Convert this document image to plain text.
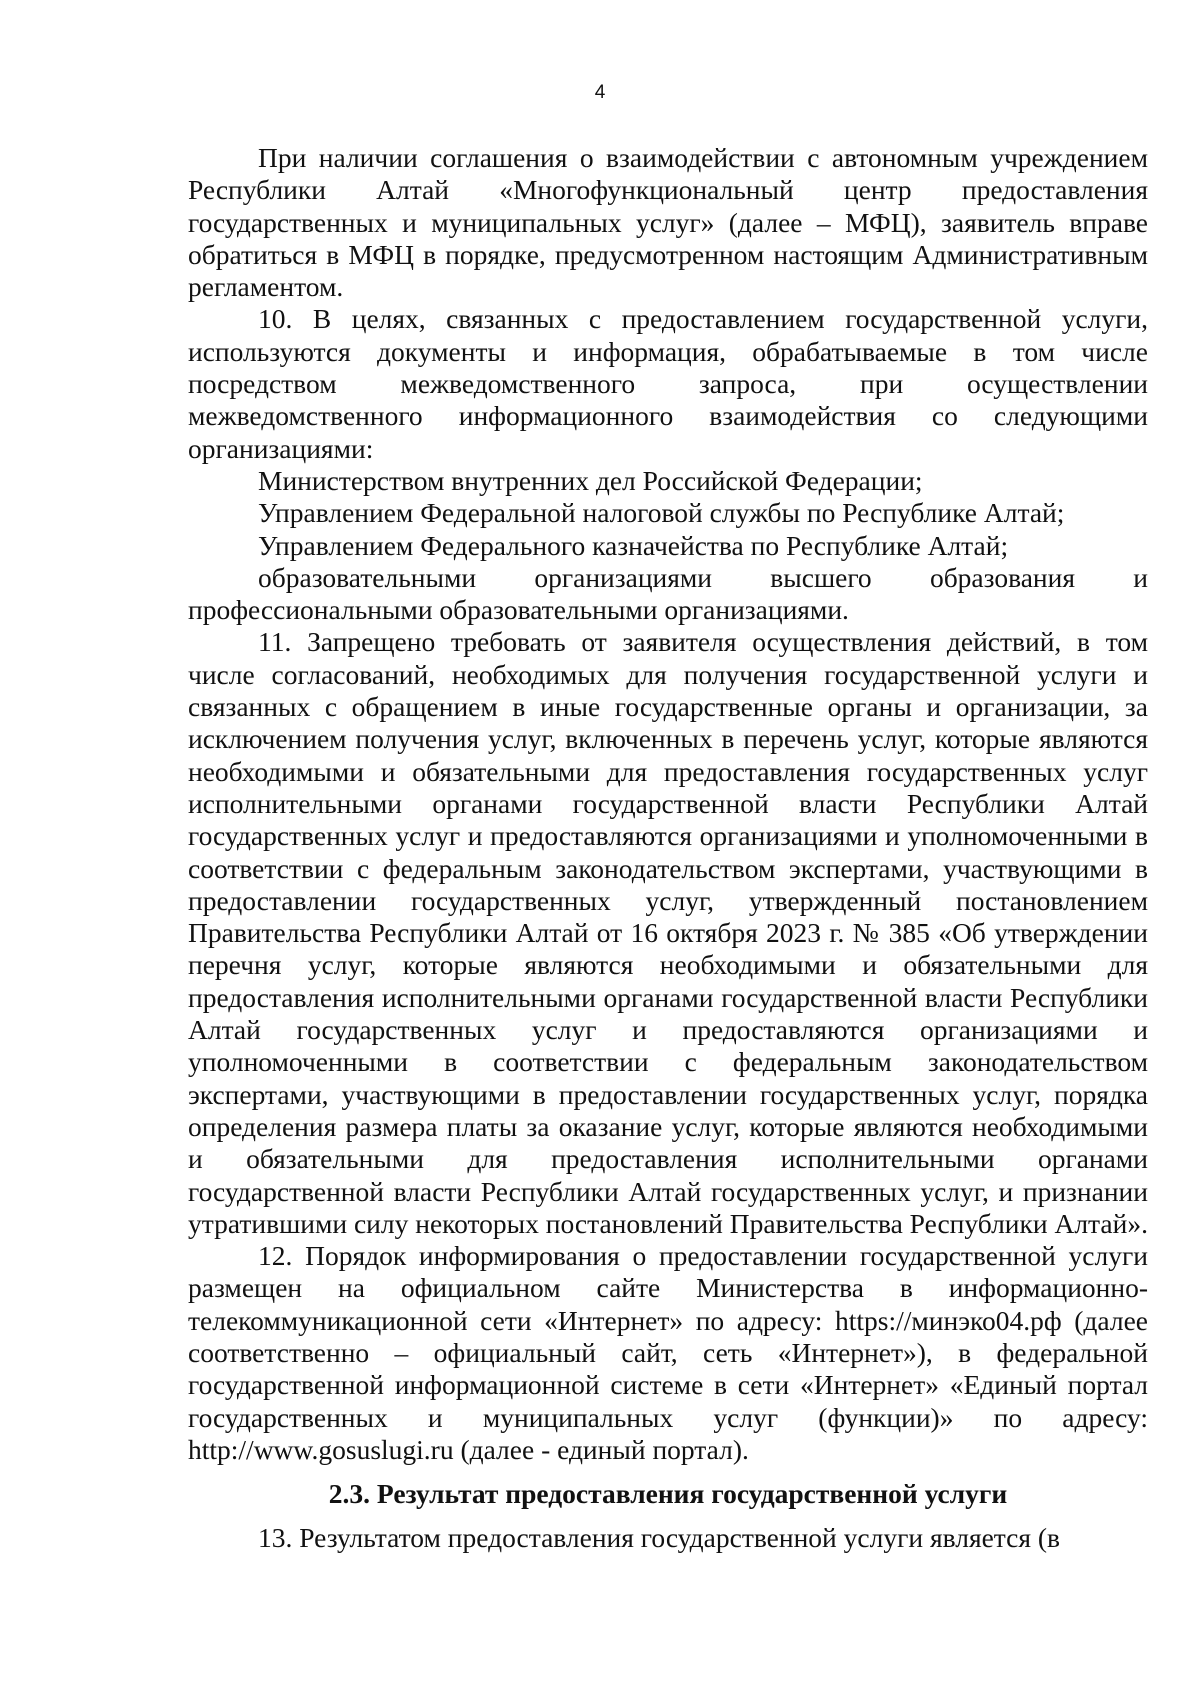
4

При наличии соглашения о взаимодействии с автономным учреждением Республики Алтай «Многофункциональный центр предоставления государственных и муниципальных услуг» (далее – МФЦ), заявитель вправе обратиться в МФЦ в порядке, предусмотренном настоящим Административным регламентом.

10. В целях, связанных с предоставлением государственной услуги, используются документы и информация, обрабатываемые в том числе посредством межведомственного запроса, при осуществлении межведомственного информационного взаимодействия со следующими организациями:

Министерством внутренних дел Российской Федерации;

Управлением Федеральной налоговой службы по Республике Алтай;

Управлением Федерального казначейства по Республике Алтай;

образовательными организациями высшего образования и профессиональными образовательными организациями.

11. Запрещено требовать от заявителя осуществления действий, в том числе согласований, необходимых для получения государственной услуги и связанных с обращением в иные государственные органы и организации, за исключением получения услуг, включенных в перечень услуг, которые являются необходимыми и обязательными для предоставления государственных услуг исполнительными органами государственной власти Республики Алтай государственных услуг и предоставляются организациями и уполномоченными в соответствии с федеральным законодательством экспертами, участвующими в предоставлении государственных услуг, утвержденный постановлением Правительства Республики Алтай от 16 октября 2023 г. № 385 «Об утверждении перечня услуг, которые являются необходимыми и обязательными для предоставления исполнительными органами государственной власти Республики Алтай государственных услуг и предоставляются организациями и уполномоченными в соответствии с федеральным законодательством экспертами, участвующими в предоставлении государственных услуг, порядка определения размера платы за оказание услуг, которые являются необходимыми и обязательными для предоставления исполнительными органами государственной власти Республики Алтай государственных услуг, и признании утратившими силу некоторых постановлений Правительства Республики Алтай».

12. Порядок информирования о предоставлении государственной услуги размещен на официальном сайте Министерства в информационно-телекоммуникационной сети «Интернет» по адресу: https://минэко04.рф (далее соответственно – официальный сайт, сеть «Интернет»), в федеральной государственной информационной системе в сети «Интернет» «Единый портал государственных и муниципальных услуг (функции)» по адресу: http://www.gosuslugi.ru (далее - единый портал).

2.3. Результат предоставления государственной услуги

13. Результатом предоставления государственной услуги является (в
